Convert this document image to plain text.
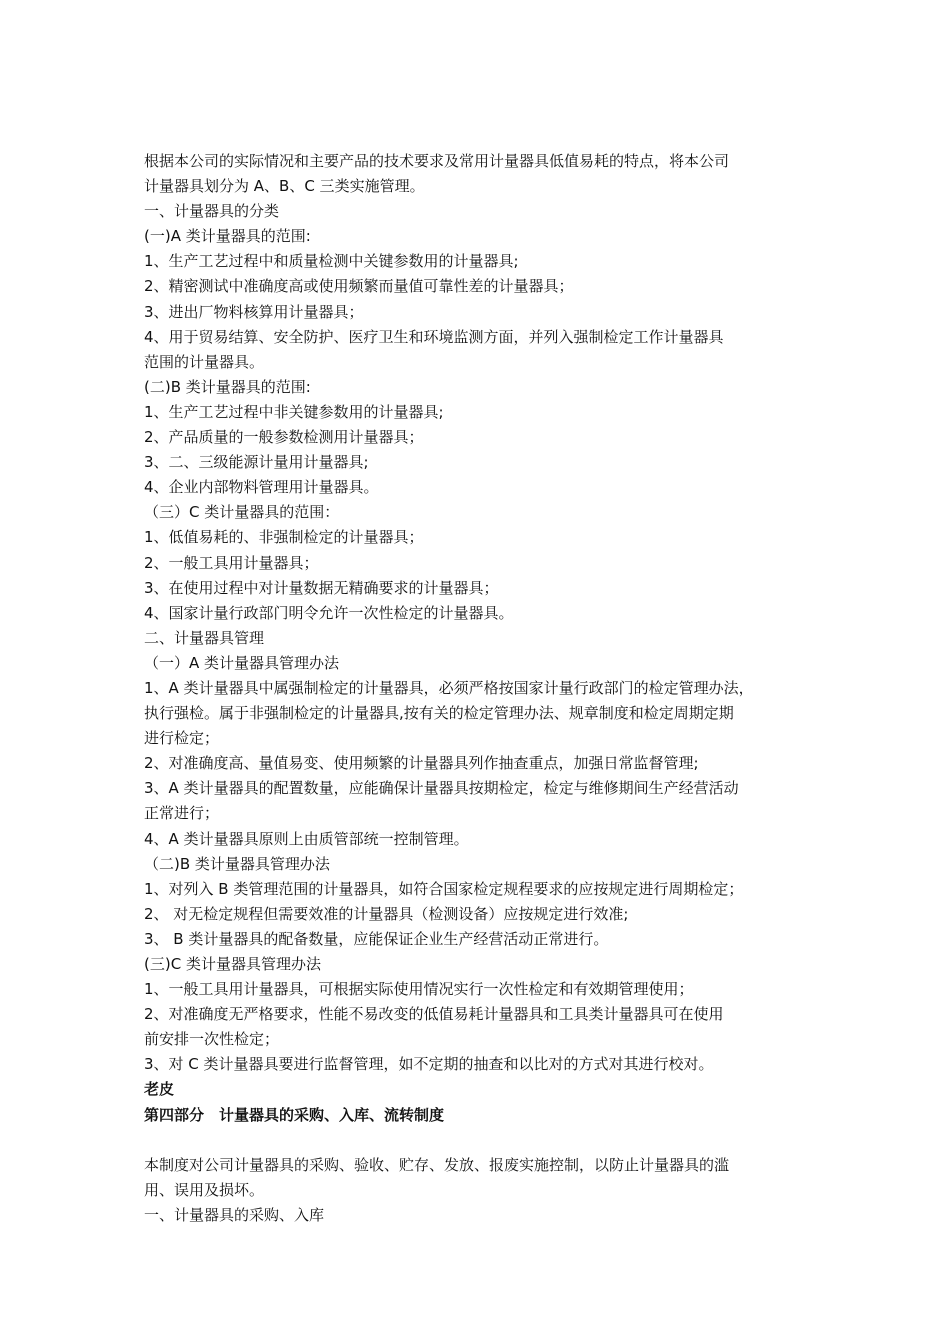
根据本公司的实际情况和主要产品的技术要求及常用计量器具低值易耗的特点，将本公司
计量器具划分为 A、B、C 三类实施管理。
一、计量器具的分类
(一)A 类计量器具的范围:
1、生产工艺过程中和质量检测中关键参数用的计量器具;
2、精密测试中准确度高或使用频繁而量值可靠性差的计量器具；
3、进出厂物料核算用计量器具；
4、用于贸易结算、安全防护、医疗卫生和环境监测方面，并列入强制检定工作计量器具
范围的计量器具。
(二)B 类计量器具的范围:
1、生产工艺过程中非关键参数用的计量器具;
2、产品质量的一般参数检测用计量器具；
3、二、三级能源计量用计量器具;
4、企业内部物料管理用计量器具。
（三）C 类计量器具的范围：
1、低值易耗的、非强制检定的计量器具；
2、一般工具用计量器具；
3、在使用过程中对计量数据无精确要求的计量器具；
4、国家计量行政部门明令允许一次性检定的计量器具。
二、计量器具管理
（一）A 类计量器具管理办法
1、A 类计量器具中属强制检定的计量器具，必须严格按国家计量行政部门的检定管理办法，
执行强检。属于非强制检定的计量器具,按有关的检定管理办法、规章制度和检定周期定期
进行检定；
2、对准确度高、量值易变、使用频繁的计量器具列作抽查重点，加强日常监督管理;
3、A 类计量器具的配置数量，应能确保计量器具按期检定，检定与维修期间生产经营活动
正常进行；
4、A 类计量器具原则上由质管部统一控制管理。
（二)B 类计量器具管理办法
1、对列入 B 类管理范围的计量器具，如符合国家检定规程要求的应按规定进行周期检定；
2、 对无检定规程但需要效准的计量器具（检测设备）应按规定进行效准;
3、 B 类计量器具的配备数量，应能保证企业生产经营活动正常进行。
(三)C 类计量器具管理办法
1、一般工具用计量器具，可根据实际使用情况实行一次性检定和有效期管理使用；
2、对准确度无严格要求，性能不易改变的低值易耗计量器具和工具类计量器具可在使用
前安排一次性检定；
3、对 C 类计量器具要进行监督管理，如不定期的抽查和以比对的方式对其进行校对。
老皮
第四部分　计量器具的采购、入库、流转制度
本制度对公司计量器具的采购、验收、贮存、发放、报废实施控制，以防止计量器具的滥
用、误用及损坏。
一、计量器具的采购、入库
